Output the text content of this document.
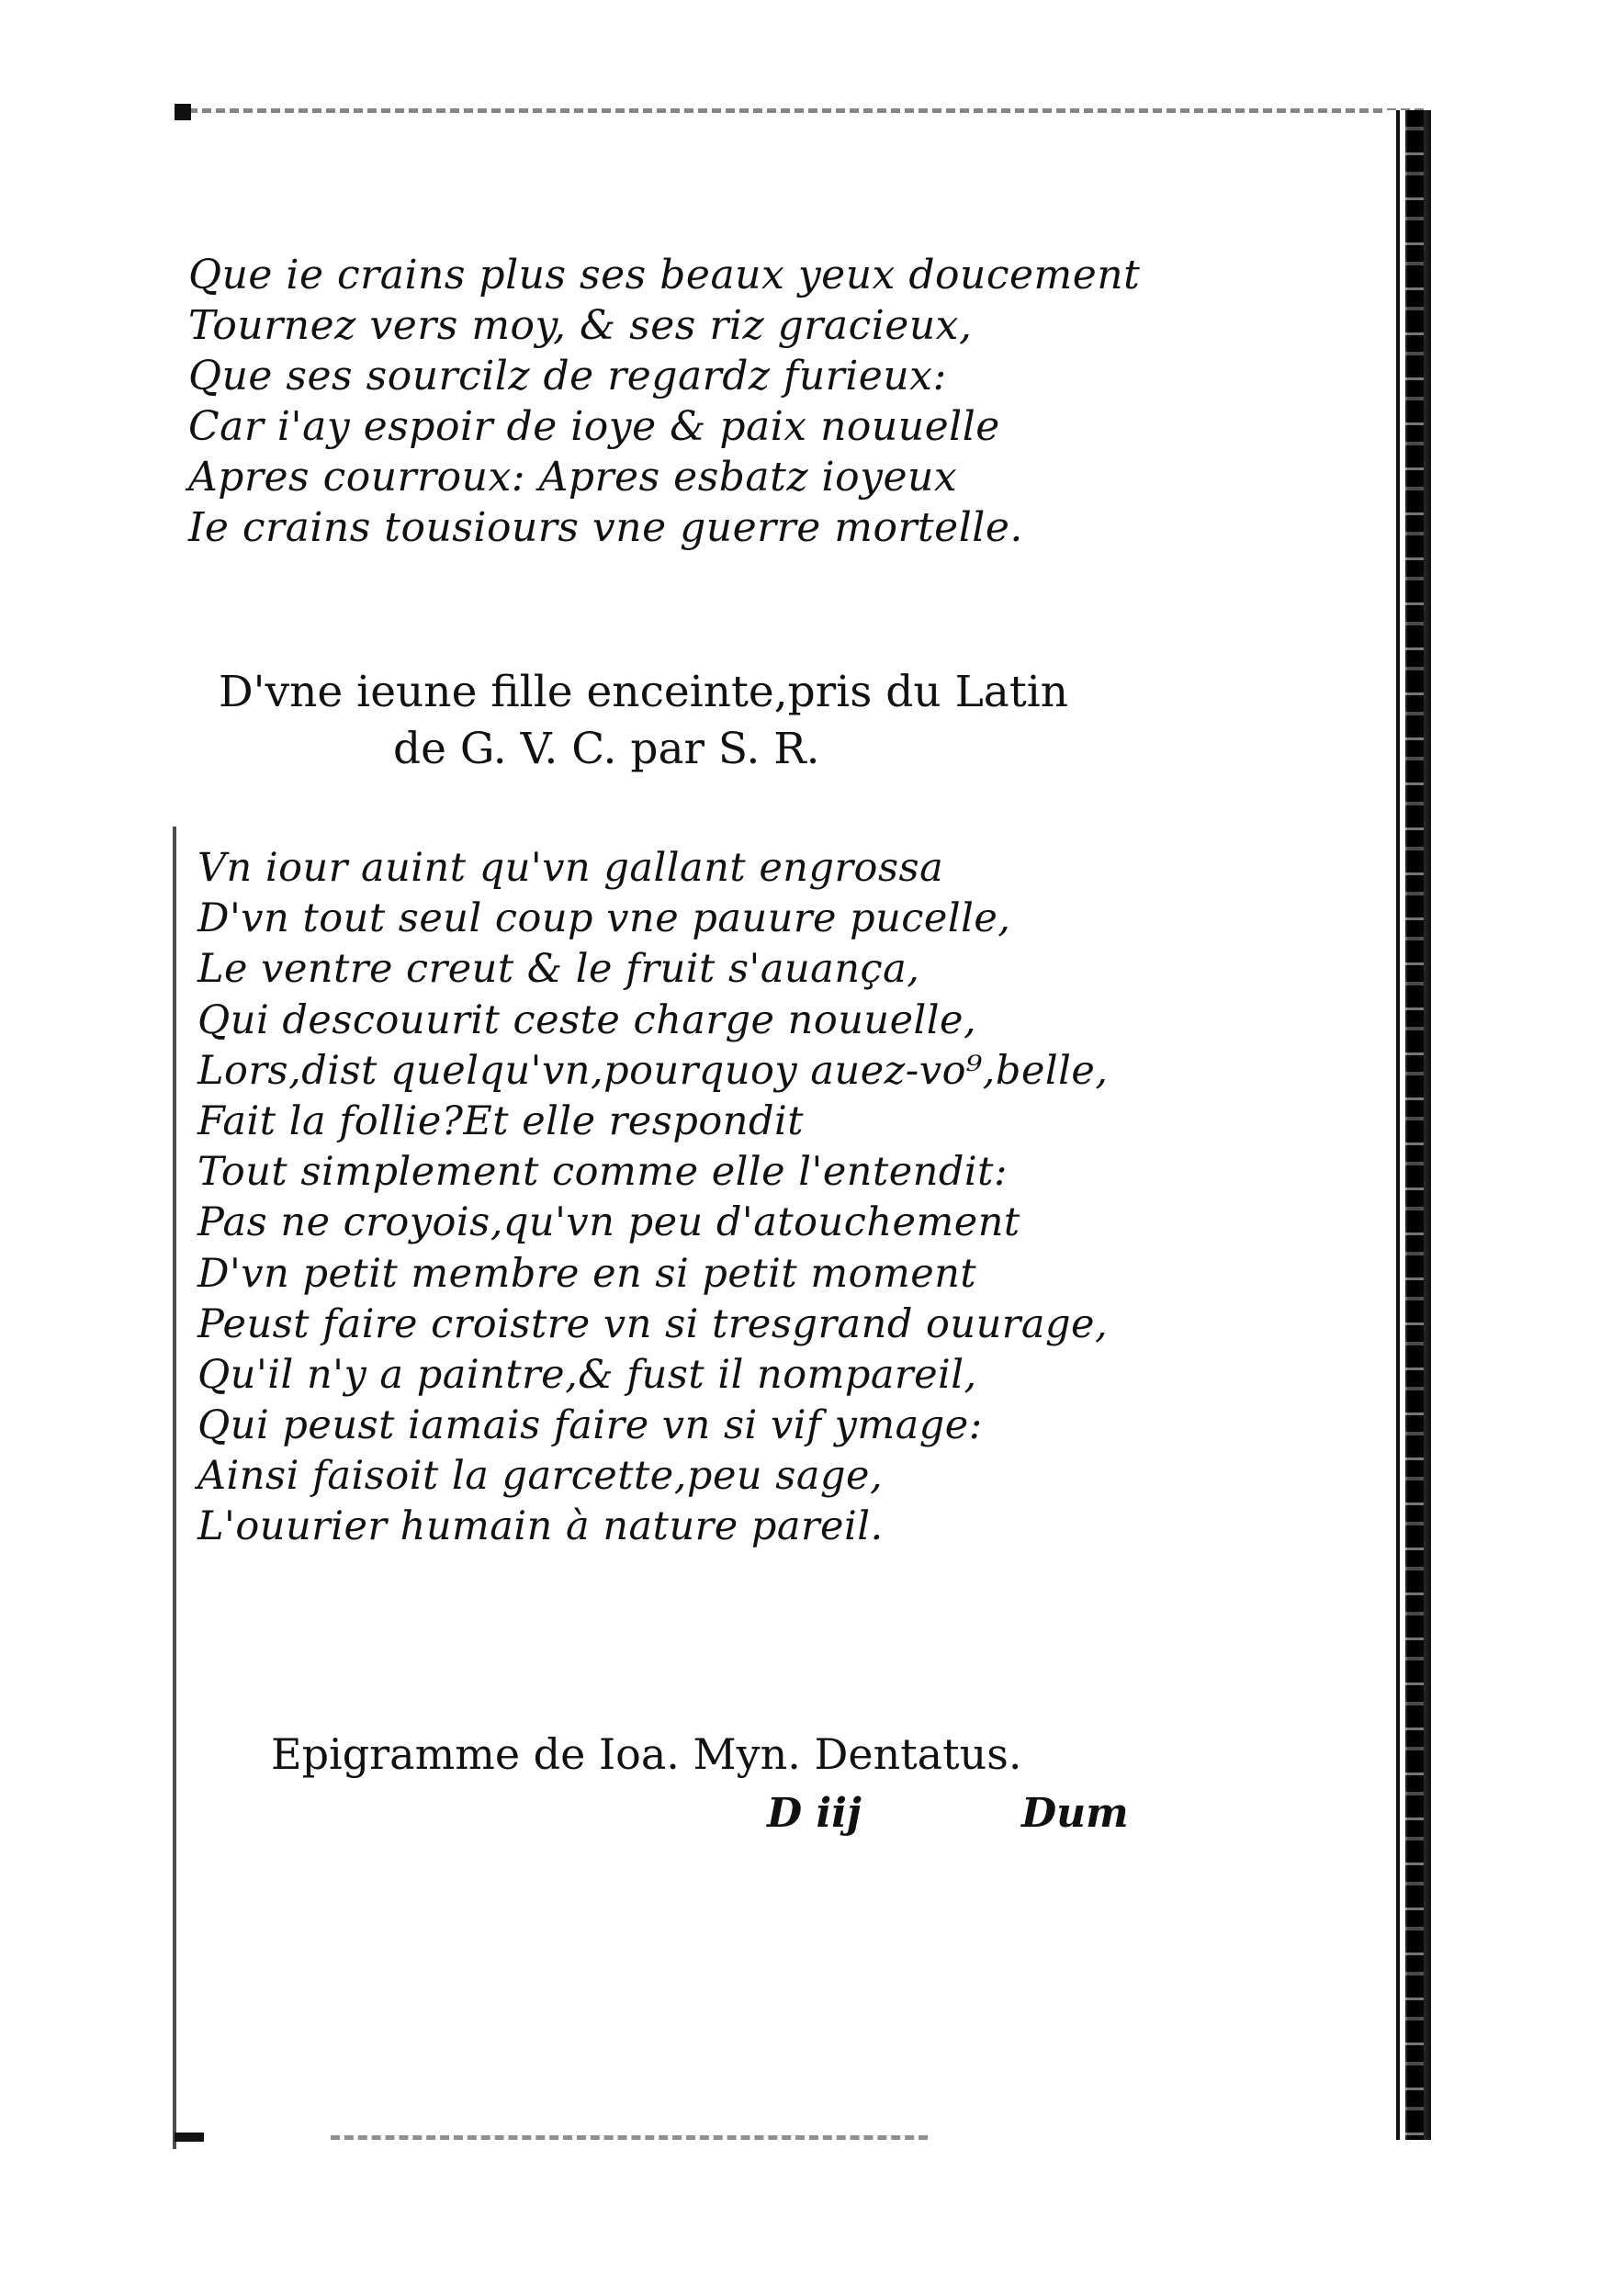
Que ie crains plus ses beaux yeux doucement
Tournez vers moy, & ses riz gracieux,
Que ses sourcilz de regardz furieux:
Car i'ay espoir de ioye & paix nouuelle
Apres courroux: Apres esbatz ioyeux
Ie crains tousiours vne guerre mortelle.

D'vne ieune fille enceinte,pris du Latin

de G. V. C. par S. R.

Vn iour auint qu'vn gallant engrossa
D'vn tout seul coup vne pauure pucelle,
Le ventre creut & le fruit s'auança,
Qui descouurit ceste charge nouuelle,
Lors,dist quelqu'vn,pourquoy auez-vo⁹,belle,
Fait la follie?Et elle respondit
Tout simplement comme elle l'entendit:
Pas ne croyois,qu'vn peu d'atouchement
D'vn petit membre en si petit moment
Peust faire croistre vn si tresgrand ouurage,
Qu'il n'y a paintre,& fust il nompareil,
Qui peust iamais faire vn si vif ymage:
Ainsi faisoit la garcette,peu sage,
L'ouurier humain à nature pareil.

Epigramme de Ioa. Myn. Dentatus.

D iij	Dum
